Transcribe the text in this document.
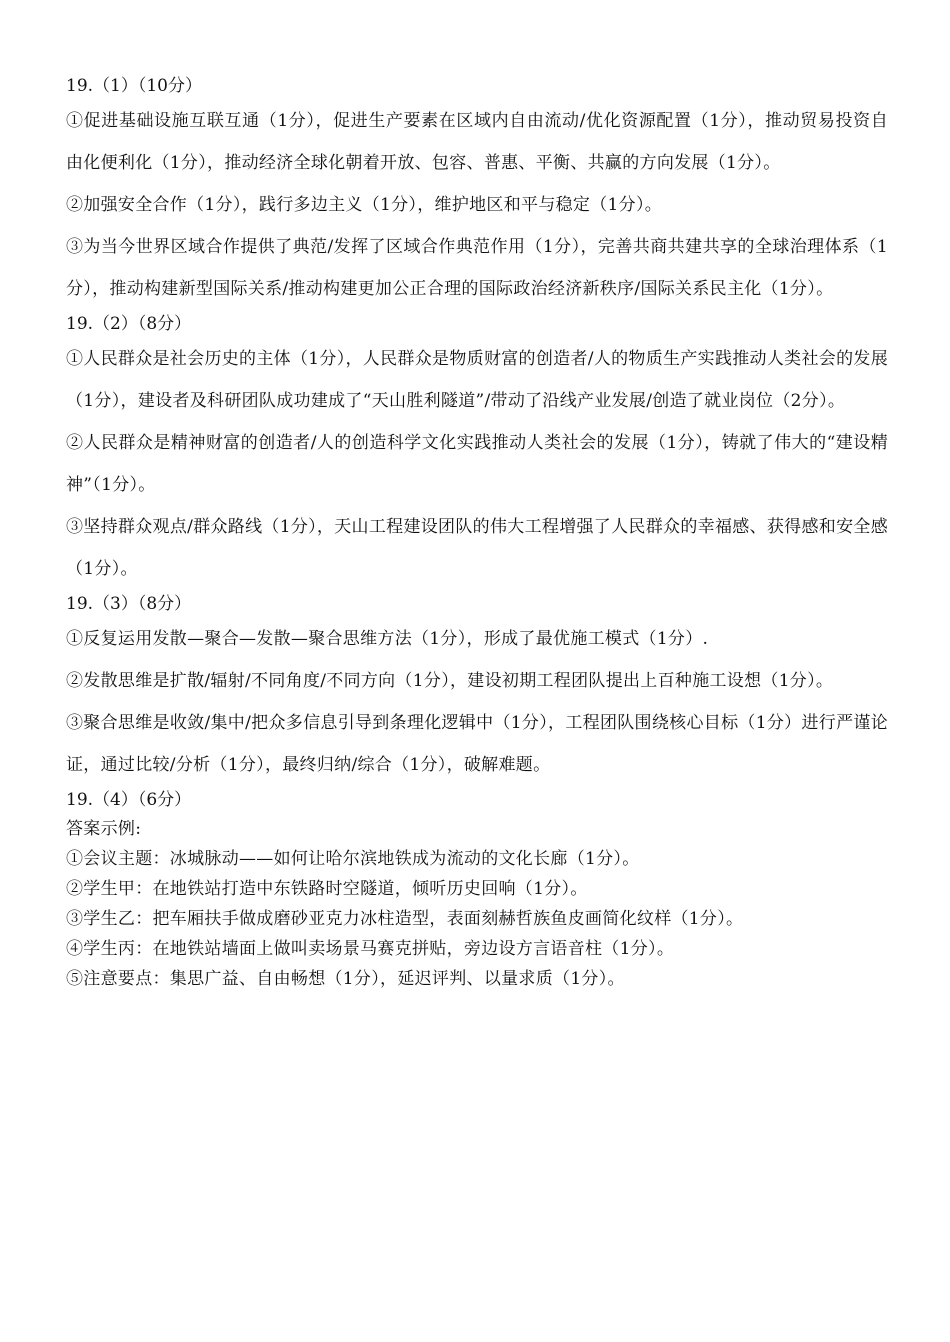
19.（1）（10分）

①促进基础设施互联互通（1分），促进生产要素在区域内自由流动/优化资源配置（1分），推动贸易投资自由化便利化（1分），推动经济全球化朝着开放、包容、普惠、平衡、共赢的方向发展（1分）。

②加强安全合作（1分），践行多边主义（1分），维护地区和平与稳定（1分）。

③为当今世界区域合作提供了典范/发挥了区域合作典范作用（1分），完善共商共建共享的全球治理体系（1分），推动构建新型国际关系/推动构建更加公正合理的国际政治经济新秩序/国际关系民主化（1分）。

19.（2）（8分）

①人民群众是社会历史的主体（1分），人民群众是物质财富的创造者/人的物质生产实践推动人类社会的发展（1分），建设者及科研团队成功建成了“天山胜利隧道”/带动了沿线产业发展/创造了就业岗位（2分）。

②人民群众是精神财富的创造者/人的创造科学文化实践推动人类社会的发展（1分），铸就了伟大的“建设精神”（1分）。

③坚持群众观点/群众路线（1分），天山工程建设团队的伟大工程增强了人民群众的幸福感、获得感和安全感（1分）。

19.（3）（8分）

①反复运用发散—聚合—发散—聚合思维方法（1分），形成了最优施工模式（1分）.

②发散思维是扩散/辐射/不同角度/不同方向（1分），建设初期工程团队提出上百种施工设想（1分）。

③聚合思维是收敛/集中/把众多信息引导到条理化逻辑中（1分），工程团队围绕核心目标（1分）进行严谨论证，通过比较/分析（1分），最终归纳/综合（1分），破解难题。

19.（4）（6分）

答案示例:

①会议主题：冰城脉动——如何让哈尔滨地铁成为流动的文化长廊（1分）。

②学生甲：在地铁站打造中东铁路时空隧道，倾听历史回响（1分）。

③学生乙：把车厢扶手做成磨砂亚克力冰柱造型，表面刻赫哲族鱼皮画简化纹样（1分）。

④学生丙：在地铁站墙面上做叫卖场景马赛克拼贴，旁边设方言语音柱（1分）。

⑤注意要点：集思广益、自由畅想（1分），延迟评判、以量求质（1分）。
